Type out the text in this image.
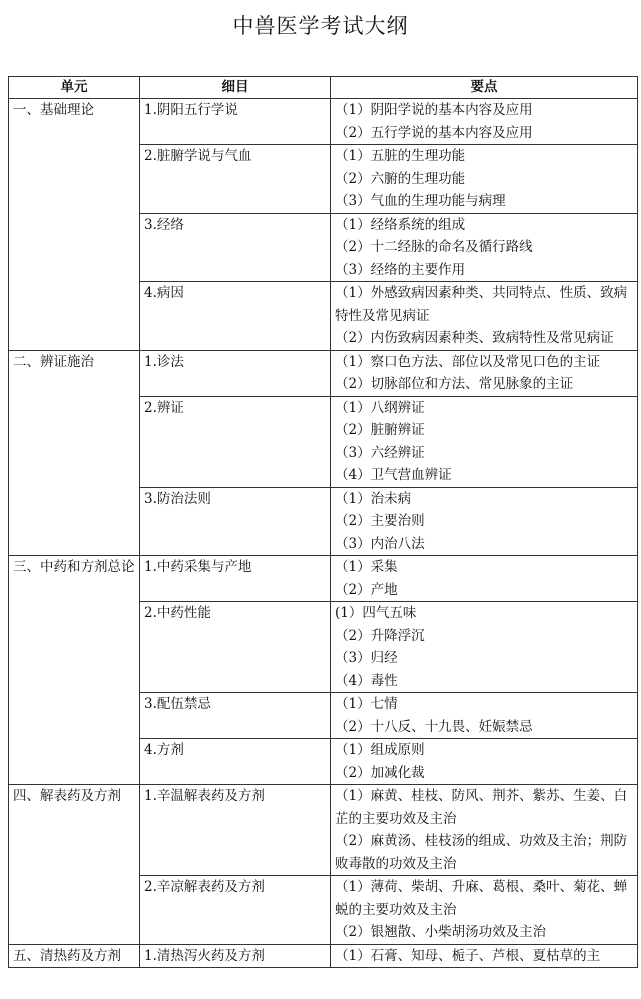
中兽医学考试大纲
单元	细目	要点
一、基础理论	1.阴阳五行学说	（1）阴阳学说的基本内容及应用
（2）五行学说的基本内容及应用

	2.脏腑学说与气血	（1）五脏的生理功能
（2）六腑的生理功能
（3）气血的生理功能与病理

	3.经络	（1）经络系统的组成
（2）十二经脉的命名及循行路线
（3）经络的主要作用

	4.病因	（1）外感致病因素种类、共同特点、性质、致病特性及常见病证
（2）内伤致病因素种类、致病特性及常见病证

二、辨证施治	1.诊法	（1）察口色方法、部位以及常见口色的主证
（2）切脉部位和方法、常见脉象的主证

	2.辨证	（1）八纲辨证
（2）脏腑辨证
（3）六经辨证
（4）卫气营血辨证

	3.防治法则	（1）治未病
（2）主要治则
（3）内治八法

三、中药和方剂总论	1.中药采集与产地	（1）采集
（2）产地

	2.中药性能	(1）四气五味
（2）升降浮沉
（3）归经
（4）毒性

	3.配伍禁忌	（1）七情
（2）十八反、十九畏、妊娠禁忌

	4.方剂	（1）组成原则
（2）加减化裁

四、解表药及方剂	1.辛温解表药及方剂	（1）麻黄、桂枝、防风、荆芥、紫苏、生姜、白芷的主要功效及主治
（2）麻黄汤、桂枝汤的组成、功效及主治；荆防败毒散的功效及主治

	2.辛凉解表药及方剂	（1）薄荷、柴胡、升麻、葛根、桑叶、菊花、蝉蜕的主要功效及主治
（2）银翘散、小柴胡汤功效及主治

五、清热药及方剂	1.清热泻火药及方剂	（1）石膏、知母、栀子、芦根、夏枯草的主
